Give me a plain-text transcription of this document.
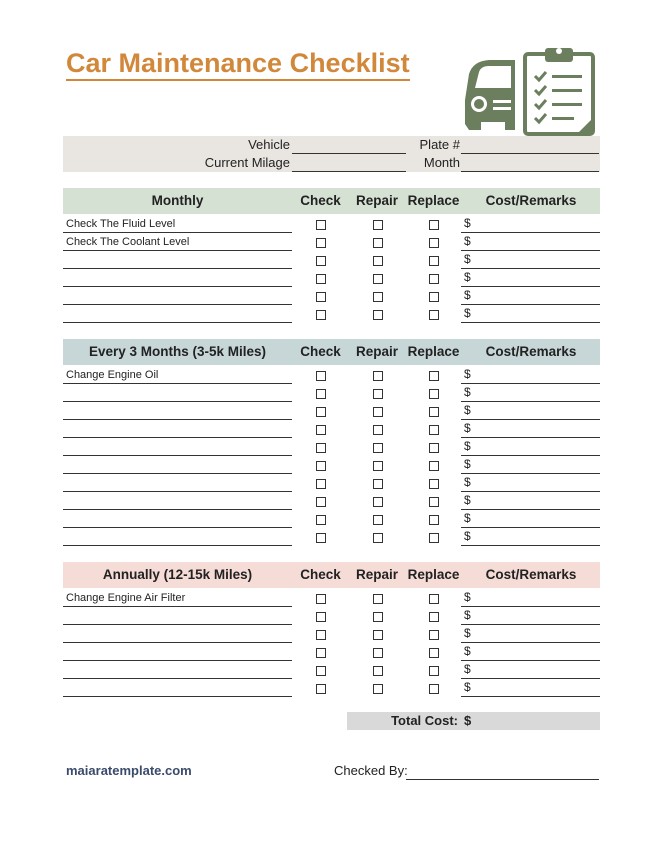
Car Maintenance Checklist
Vehicle	Plate #
Current Milage	Month
Monthly	Check	Repair Replace	Cost/Remarks
Check The Fluid Level	$
Check The Coolant Level	$
$
$
$
$
Every 3 Months (3-5k Miles)	Check	Repair Replace	Cost/Remarks
Change Engine Oil	$
$
$
$
$
$
$
$
$
$
Annually (12-15k Miles)	Check	Repair Replace	Cost/Remarks
Change Engine Air Filter	$
$
$
$
$
$
Total Cost: $
maiaratemplate.com	Checked By:
